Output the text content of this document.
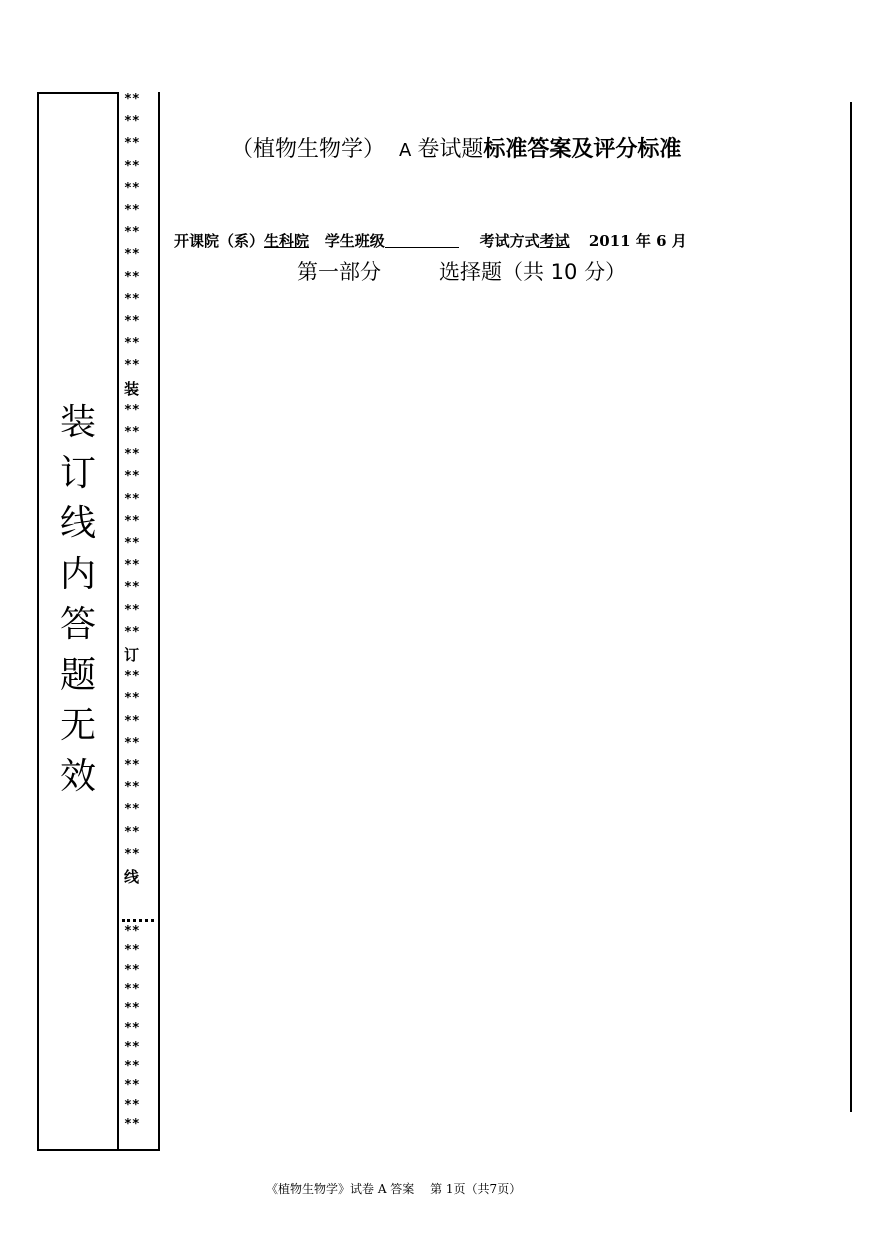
装
订
线
内
答
题
无
效
**
**
**
**
**
**
**
**
**
**
**
**
**
装
**
**
**
**
**
**
**
**
**
**
**
订
**
**
**
**
**
**
**
**
**
线
**
**
**
**
**
**
**
**
**
**
**
（植物生物学） A 卷试题标准答案及评分标准
开课院（系）生科院 学生班级	考试方式考试 2011 年 6 月
第一部分	选择题（共 10 分）
《植物生物学》试卷 A 答案　 第 1页（共7页）
